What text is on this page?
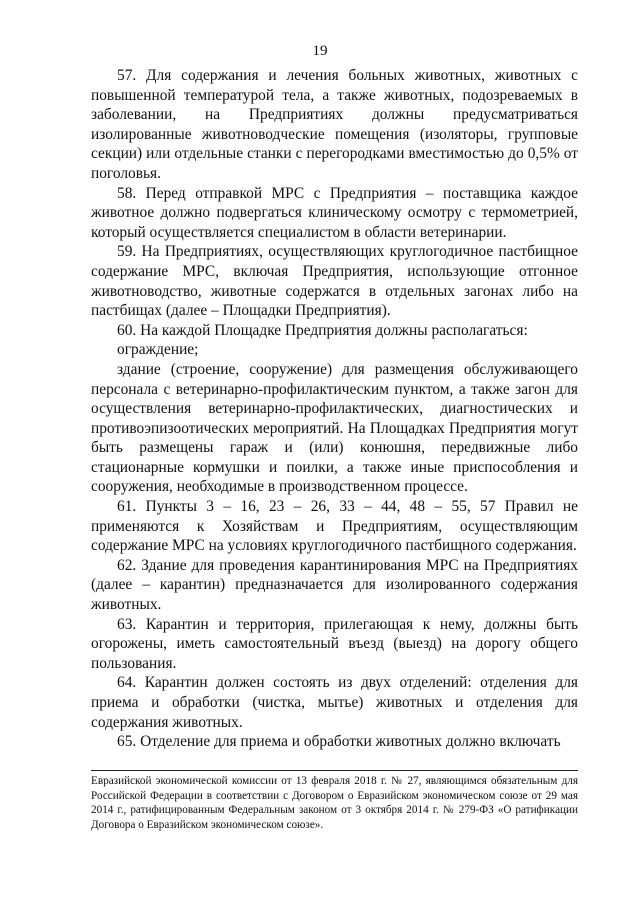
19

57. Для содержания и лечения больных животных, животных с повышенной температурой тела, а также животных, подозреваемых в заболевании, на Предприятиях должны предусматриваться изолированные животноводческие помещения (изоляторы, групповые секции) или отдельные станки с перегородками вместимостью до 0,5% от поголовья.

58. Перед отправкой МРС с Предприятия – поставщика каждое животное должно подвергаться клиническому осмотру с термометрией, который осуществляется специалистом в области ветеринарии.

59. На Предприятиях, осуществляющих круглогодичное пастбищное содержание МРС, включая Предприятия, использующие отгонное животноводство, животные содержатся в отдельных загонах либо на пастбищах (далее – Площадки Предприятия).

60. На каждой Площадке Предприятия должны располагаться:

ограждение;

здание (строение, сооружение) для размещения обслуживающего персонала с ветеринарно-профилактическим пунктом, а также загон для осуществления ветеринарно-профилактических, диагностических и противоэпизоотических мероприятий. На Площадках Предприятия могут быть размещены гараж и (или) конюшня, передвижные либо стационарные кормушки и поилки, а также иные приспособления и сооружения, необходимые в производственном процессе.

61. Пункты 3 – 16, 23 – 26, 33 – 44, 48 – 55, 57 Правил не применяются к Хозяйствам и Предприятиям, осуществляющим содержание МРС на условиях круглогодичного пастбищного содержания.

62. Здание для проведения карантинирования МРС на Предприятиях (далее – карантин) предназначается для изолированного содержания животных.

63. Карантин и территория, прилегающая к нему, должны быть огорожены, иметь самостоятельный въезд (выезд) на дорогу общего пользования.

64. Карантин должен состоять из двух отделений: отделения для приема и обработки (чистка, мытье) животных и отделения для содержания животных.

65. Отделение для приема и обработки животных должно включать

Евразийской экономической комиссии от 13 февраля 2018 г. № 27, являющимся обязательным для Российской Федерации в соответствии с Договором о Евразийском экономическом союзе от 29 мая 2014 г., ратифицированным Федеральным законом от 3 октября 2014 г. № 279-ФЗ «О ратификации Договора о Евразийском экономическом союзе».
